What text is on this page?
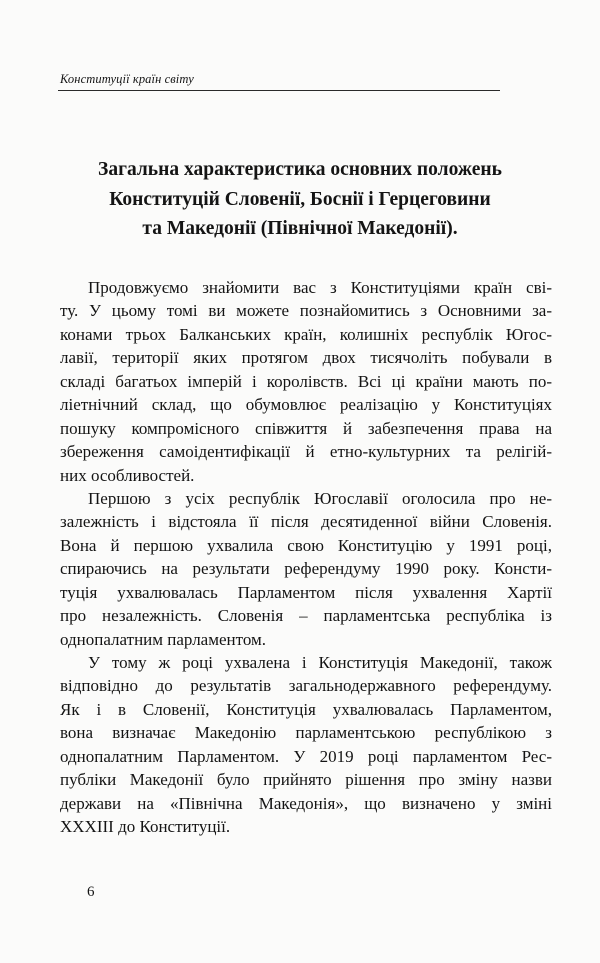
Конституції країн світу
Загальна характеристика основних положень
Конституцій Словенії, Боснії і Герцеговини
та Македонії (Північної Македонії).

Продовжуємо знайомити вас з Конституціями країн сві-
ту. У цьому томі ви можете познайомитись з Основними за-
конами трьох Балканських країн, колишніх республік Югос-
лавії, території яких протягом двох тисячоліть побували в
складі багатьох імперій і королівств. Всі ці країни мають по-
ліетнічний склад, що обумовлює реалізацію у Конституціях
пошуку компромісного співжиття й забезпечення права на
збереження самоідентифікації й етно-культурних та релігій-
них особливостей.

Першою з усіх республік Югославії оголосила про не-
залежність і відстояла її після десятиденної війни Словенія.
Вона й першою ухвалила свою Конституцію у 1991 році,
спираючись на результати референдуму 1990 року. Консти-
туція ухвалювалась Парламентом після ухвалення Хартії
про незалежність. Словенія – парламентська республіка із
однопалатним парламентом.

У тому ж році ухвалена і Конституція Македонії, також
відповідно до результатів загальнодержавного референдуму.
Як і в Словенії, Конституція ухвалювалась Парламентом,
вона визначає Македонію парламентською республікою з
однопалатним Парламентом. У 2019 році парламентом Рес-
публіки Македонії було прийнято рішення про зміну назви
держави на «Північна Македонія», що визначено у зміні
XXXIII до Конституції.

6
